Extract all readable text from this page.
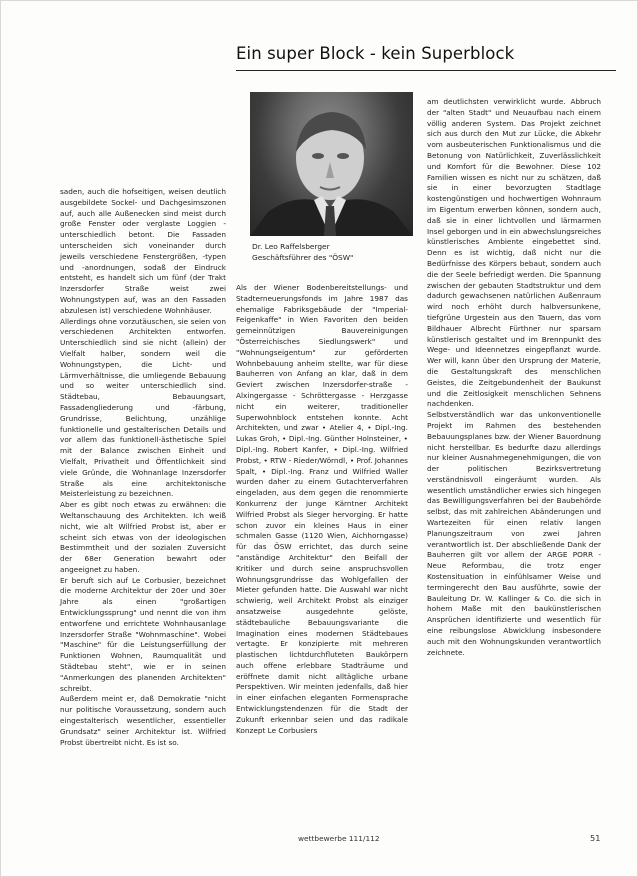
Ein super Block - kein Superblock
Dr. Leo Raffelsberger
Geschäftsführer des "ÖSW"

saden, auch die hofseitigen, weisen deutlich ausgebildete Sockel- und Dachgesimszonen auf, auch alle Außenecken sind meist durch große Fenster oder verglaste Loggien - unterschiedlich betont. Die Fassaden unterscheiden sich voneinander durch jeweils verschiedene Fenstergrößen, -typen und -anordnungen, sodaß der Eindruck entsteht, es handelt sich um fünf (der Trakt Inzersdorfer Straße weist zwei Wohnungstypen auf, was an den Fassaden abzulesen ist) verschiedene Wohnhäuser.

Allerdings ohne vorzutäuschen, sie seien von verschiedenen Architekten entworfen. Unterschiedlich sind sie nicht (allein) der Vielfalt halber, sondern weil die Wohnungstypen, die Licht- und Lärmverhältnisse, die umliegende Bebauung und so weiter unterschiedlich sind. Städtebau, Bebauungsart, Fassadengliederung und -färbung, Grundrisse, Belichtung, unzählige funktionelle und gestalterischen Details und vor allem das funktionell-ästhetische Spiel mit der Balance zwischen Einheit und Vielfalt, Privatheit und Öffentlichkeit sind viele Gründe, die Wohnanlage Inzersdorfer Straße als eine architektonische Meisterleistung zu bezeichnen.

Aber es gibt noch etwas zu erwähnen: die Weltanschauung des Architekten. Ich weiß nicht, wie alt Wilfried Probst ist, aber er scheint sich etwas von der ideologischen Bestimmtheit und der sozialen Zuversicht der 68er Generation bewahrt oder angeeignet zu haben.

Er beruft sich auf Le Corbusier, bezeichnet die moderne Architektur der 20er und 30er Jahre als einen "großartigen Entwicklungssprung" und nennt die von ihm entworfene und errichtete Wohnhausanlage Inzersdorfer Straße "Wohnmaschine". Wobei "Maschine" für die Leistungserfüllung der Funktionen Wohnen, Raumqualität und Städtebau steht", wie er in seinen "Anmerkungen des planenden Architekten" schreibt.

Außerdem meint er, daß Demokratie "nicht nur politische Voraussetzung, sondern auch eingestalterisch wesentlicher, essentieller Grundsatz" seiner Architektur ist. Wilfried Probst übertreibt nicht. Es ist so.

Als der Wiener Bodenbereitstellungs- und Stadterneuerungsfonds im Jahre 1987 das ehemalige Fabriksgebäude der "Imperial-Feigenkaffe" in Wien Favoriten den beiden gemeinnützigen Bauvereinigungen "Österreichisches Siedlungswerk" und "Wohnungseigentum" zur geförderten Wohnbebauung anheim stellte, war für diese Bauherren von Anfang an klar, daß in dem Geviert zwischen Inzersdorfer-straße - Alxingergasse - Schröttergasse - Herzgasse nicht ein weiterer, traditioneller Superwohnblock entstehen konnte. Acht Architekten, und zwar • Atelier 4, • Dipl.-Ing. Lukas Groh, • Dipl.-Ing. Günther Holnsteiner, • Dipl.-Ing. Robert Kanfer, • Dipl.-Ing. Wilfried Probst, • RTW - Rieder/Wörndl, • Prof. Johannes Spalt, • Dipl.-Ing. Franz und Wilfried Waller wurden daher zu einem Gutachterverfahren eingeladen, aus dem gegen die renommierte Konkurrenz der junge Kärntner Architekt Wilfried Probst als Sieger hervorging. Er hatte schon zuvor ein kleines Haus in einer schmalen Gasse (1120 Wien, Aichhorngasse) für das ÖSW errichtet, das durch seine "anständige Architektur" den Beifall der Kritiker und durch seine anspruchsvollen Wohnungsgrundrisse das Wohlgefallen der Mieter gefunden hatte. Die Auswahl war nicht schwierig, weil Architekt Probst als einziger ansatzweise ausgedehnte gelöste, städtebauliche Bebauungsvariante die Imagination eines modernen Städtebaues vertagte. Er konzipierte mit mehreren plastischen lichtdurchfluteten Baukörpern auch offene erlebbare Stadträume und eröffnete damit nicht alltägliche urbane Perspektiven. Wir meinten jedenfalls, daß hier in einer einfachen eleganten Formensprache Entwicklungstendenzen für die Stadt der Zukunft erkennbar seien und das radikale Konzept Le Corbusiers

am deutlichsten verwirklicht wurde. Abbruch der "alten Stadt" und Neuaufbau nach einem völlig anderen System. Das Projekt zeichnet sich aus durch den Mut zur Lücke, die Abkehr vom ausbeuterischen Funktionalismus und die Betonung von Natürlichkeit, Zuverlässlichkeit und Komfort für die Bewohner. Diese 102 Familien wissen es nicht nur zu schätzen, daß sie in einer bevorzugten Stadtlage kostengünstigen und hochwertigen Wohnraum im Eigentum erwerben können, sondern auch, daß sie in einer lichtvollen und lärmarmen Insel geborgen und in ein abwechslungsreiches künstlerisches Ambiente eingebettet sind. Denn es ist wichtig, daß nicht nur die Bedürfnisse des Körpers bebaut, sondern auch die der Seele befriedigt werden. Die Spannung zwischen der gebauten Stadtstruktur und dem dadurch gewachsenen natürlichen Außenraum wird noch erhöht durch halbversunkene, tiefgrüne Urgestein aus den Tauern, das vom Bildhauer Albrecht Fürthner nur sparsam künstlerisch gestaltet und im Brennpunkt des Wege- und Ideennetzes eingepflanzt wurde. Wer will, kann über den Ursprung der Materie, die Gestaltungskraft des menschlichen Geistes, die Zeitgebundenheit der Baukunst und die Zeitlosigkeit menschlichen Sehnens nachdenken.

Selbstverständlich war das unkonventionelle Projekt im Rahmen des bestehenden Bebauungsplanes bzw. der Wiener Bauordnung nicht herstellbar. Es bedurfte dazu allerdings nur kleiner Ausnahmegenehmigungen, die von der politischen Bezirksvertretung verständnisvoll eingeräumt wurden. Als wesentlich umständlicher erwies sich hingegen das Bewilligungsverfahren bei der Baubehörde selbst, das mit zahlreichen Abänderungen und Wartezeiten für einen relativ langen Planungszeitraum von zwei Jahren verantwortlich ist. Der abschließende Dank der Bauherren gilt vor allem der ARGE PORR - Neue Reformbau, die trotz enger Kostensituation in einfühlsamer Weise und termingerecht den Bau ausführte, sowie der Bauleitung Dr. W. Kallinger & Co. die sich in hohem Maße mit den baukünstlerischen Ansprüchen identifizierte und wesentlich für eine reibungslose Abwicklung insbesondere auch mit den Wohnungskunden verantwortlich zeichnete.

wettbewerbe 111/112	51
